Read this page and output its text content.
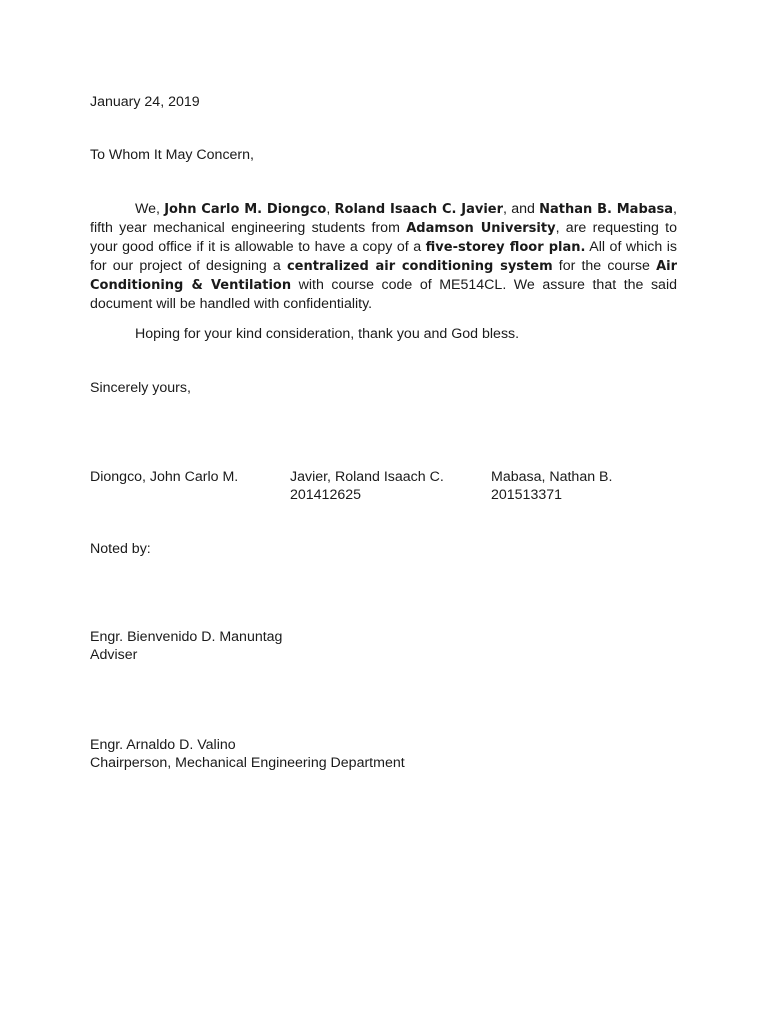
January 24, 2019
To Whom It May Concern,
We, John Carlo M. Diongco, Roland Isaach C. Javier, and Nathan B. Mabasa, fifth year mechanical engineering students from Adamson University, are requesting to your good office if it is allowable to have a copy of a five-storey floor plan. All of which is for our project of designing a centralized air conditioning system for the course Air Conditioning & Ventilation with course code of ME514CL. We assure that the said document will be handled with confidentiality.
Hoping for your kind consideration, thank you and God bless.
Sincerely yours,
Diongco, John Carlo M.	Javier, Roland Isaach C.
201412625
Mabasa, Nathan B.
201513371
Noted by:
Engr. Bienvenido D. Manuntag
Adviser
Engr. Arnaldo D. Valino
Chairperson, Mechanical Engineering Department
